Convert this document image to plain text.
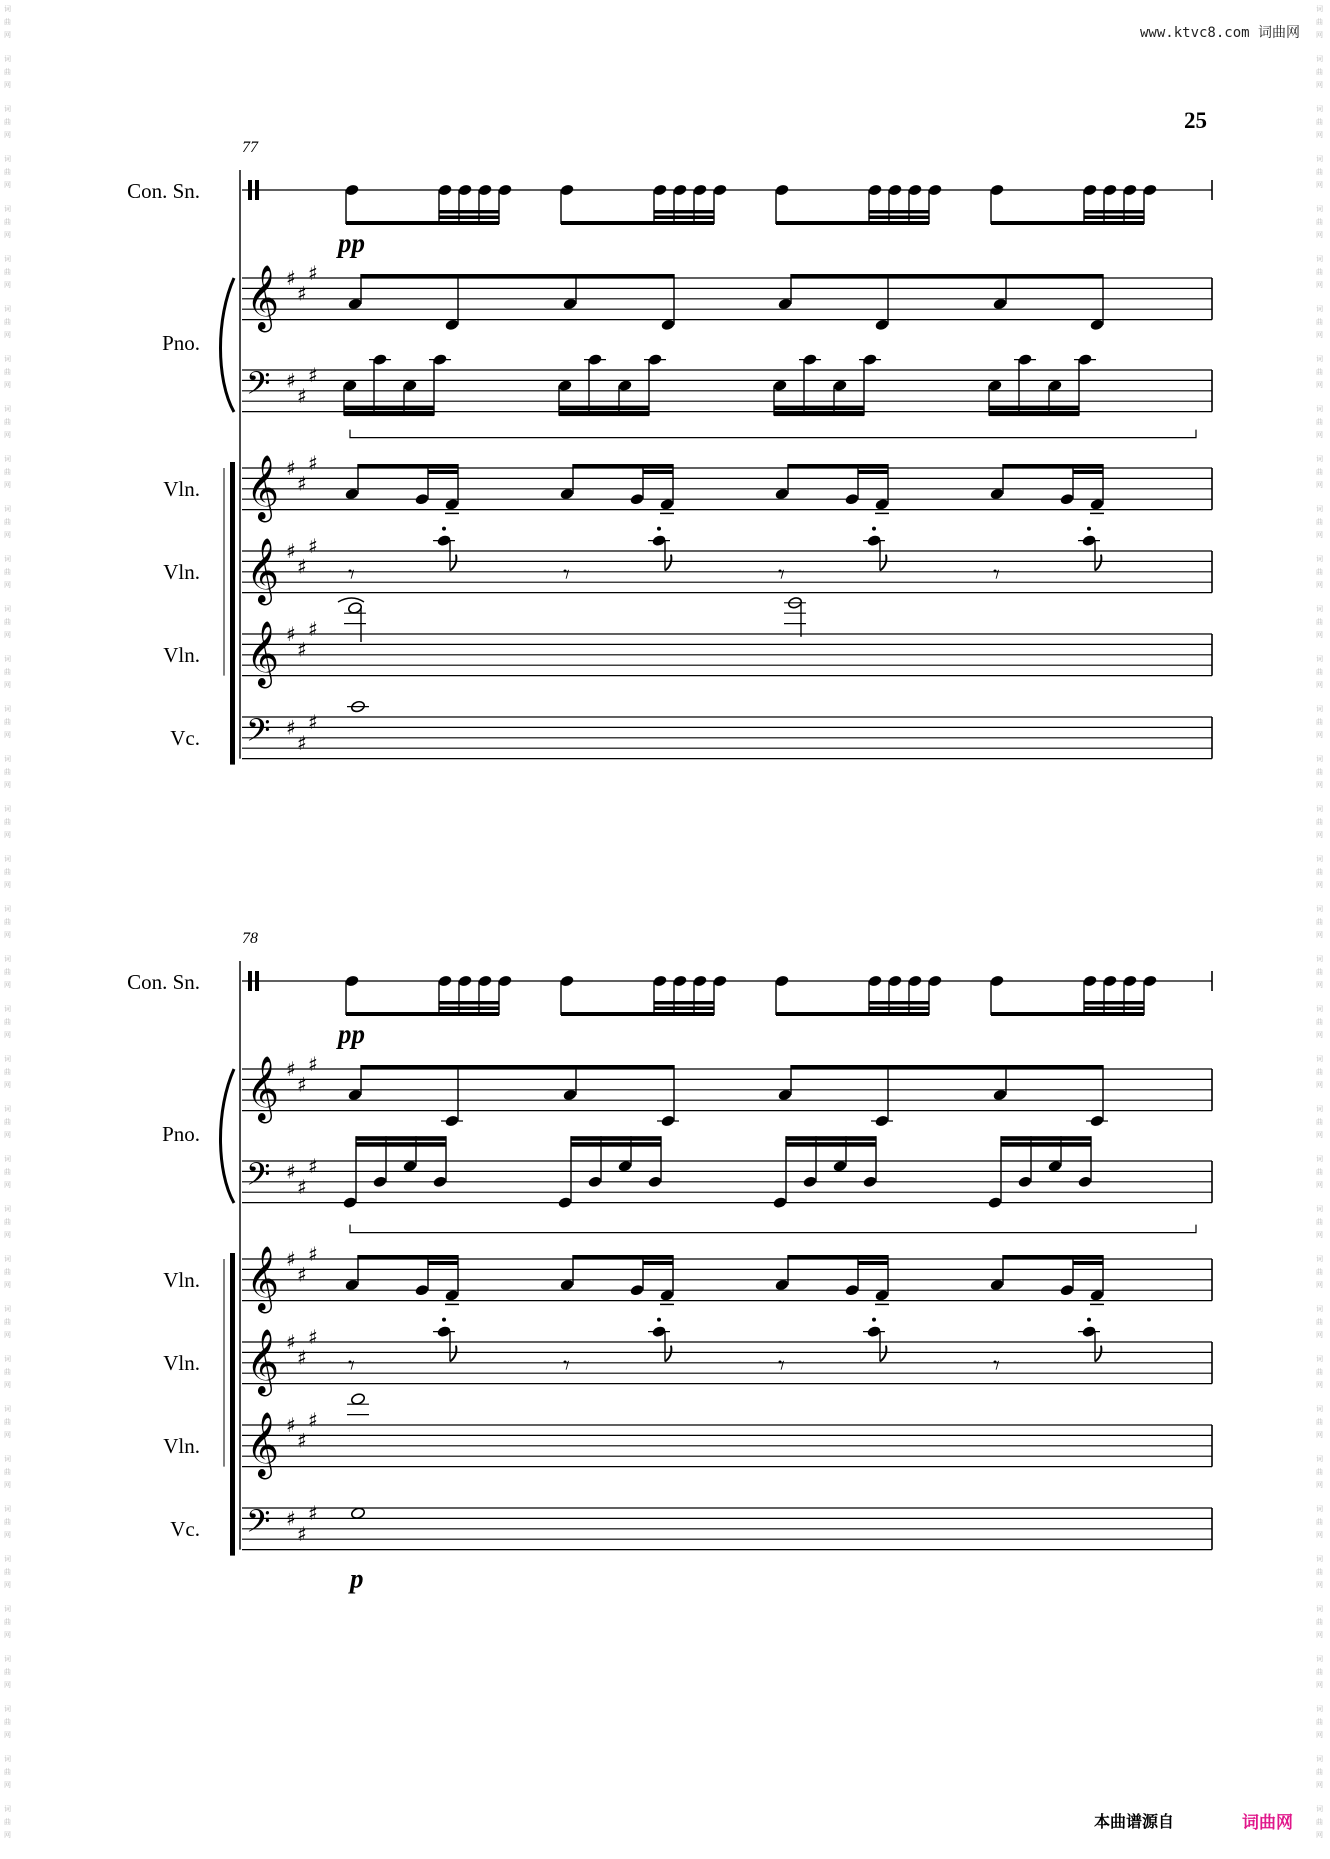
词
曲
网
词
曲
网
词
曲
网
词
曲
网
词
曲
网
词
曲
网
词
曲
网
词
曲
网
词
曲
网
词
曲
网
词
曲
网
词
曲
网
词
曲
网
词
曲
网
词
曲
网
词
曲
网
词
曲
网
词
曲
网
词
曲
网
词
曲
网
词
曲
网
词
曲
网
词
曲
网
词
曲
网
词
曲
网
词
曲
网
词
曲
网
词
曲
网
词
曲
网
词
曲
网
词
曲
网
词
曲
网
词
曲
网
词
曲
网
词
曲
网
词
曲
网
词
曲
网
词
曲
网
词
曲
网
词
曲
网
词
曲
网
词
曲
网
词
曲
网
词
曲
网
词
曲
网
词
曲
网
词
曲
网
词
曲
网
词
曲
网
词
曲
网
词
曲
网
词
曲
网
词
曲
网
词
曲
网
词
曲
网
词
曲
网
词
曲
网
词
曲
网
词
曲
网
词
曲
网
词
曲
网
词
曲
网
词
曲
网
词
曲
网
词
曲
网
词
曲
网
词
曲
网
词
曲
网
词
曲
网
词
曲
网
词
曲
网
词
曲
网
词
曲
网
词
曲
网
www.ktvc8.com 词曲网
25
77
Con. Sn.
Pno.
Vln.
Vln.
Vln.
Vc.
pp
𝄞 ♯
♯
♯
𝄢 ♯
♯
♯
𝄞 ♯
♯
♯
𝄞 ♯
♯
♯
𝄾	𝄾	𝄾	𝄾
𝄞 ♯
♯
♯
𝄢 ♯
♯
♯
78
Con. Sn.
Pno.
Vln.
Vln.
Vln.
Vc.
pp
𝄞 ♯
♯
♯
𝄢 ♯
♯
♯
𝄞 ♯
♯
♯
𝄞 ♯
♯
♯
𝄾	𝄾	𝄾	𝄾
𝄞 ♯
♯
♯
𝄢 ♯
♯
♯
p
本曲谱源自	词曲网
